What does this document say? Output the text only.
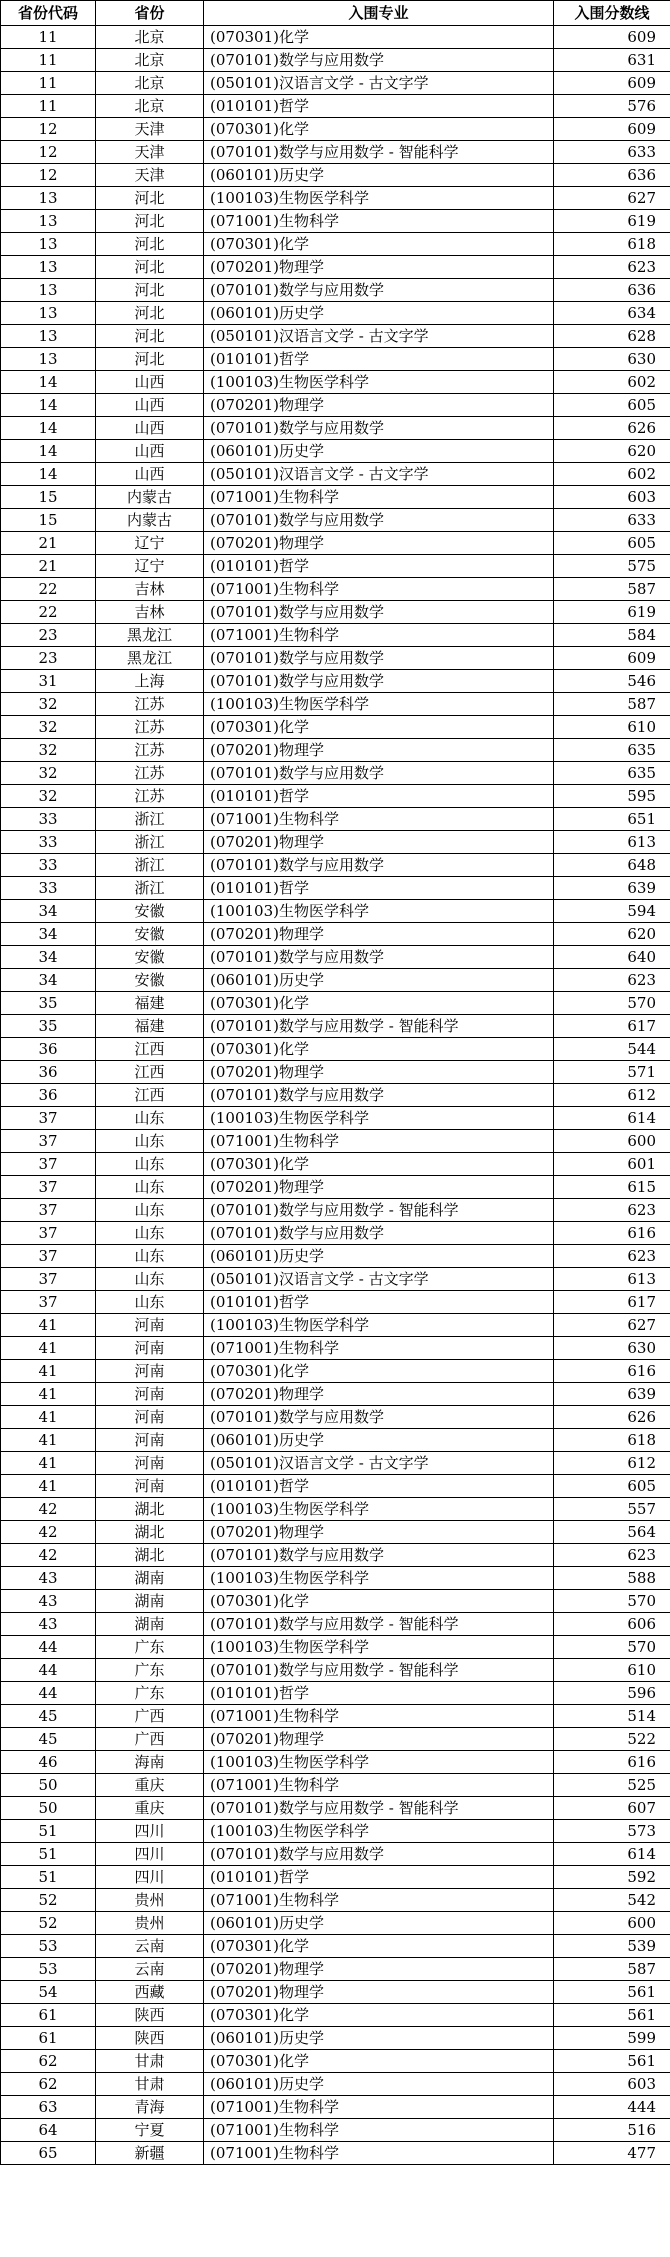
省份代码	省份	入围专业	入围分数线
11	北京	(070301)化学	609
11	北京	(070101)数学与应用数学	631
11	北京	(050101)汉语言文学 - 古文字学	609
11	北京	(010101)哲学	576
12	天津	(070301)化学	609
12	天津	(070101)数学与应用数学 - 智能科学	633
12	天津	(060101)历史学	636
13	河北	(100103)生物医学科学	627
13	河北	(071001)生物科学	619
13	河北	(070301)化学	618
13	河北	(070201)物理学	623
13	河北	(070101)数学与应用数学	636
13	河北	(060101)历史学	634
13	河北	(050101)汉语言文学 - 古文字学	628
13	河北	(010101)哲学	630
14	山西	(100103)生物医学科学	602
14	山西	(070201)物理学	605
14	山西	(070101)数学与应用数学	626
14	山西	(060101)历史学	620
14	山西	(050101)汉语言文学 - 古文字学	602
15	内蒙古	(071001)生物科学	603
15	内蒙古	(070101)数学与应用数学	633
21	辽宁	(070201)物理学	605
21	辽宁	(010101)哲学	575
22	吉林	(071001)生物科学	587
22	吉林	(070101)数学与应用数学	619
23	黑龙江	(071001)生物科学	584
23	黑龙江	(070101)数学与应用数学	609
31	上海	(070101)数学与应用数学	546
32	江苏	(100103)生物医学科学	587
32	江苏	(070301)化学	610
32	江苏	(070201)物理学	635
32	江苏	(070101)数学与应用数学	635
32	江苏	(010101)哲学	595
33	浙江	(071001)生物科学	651
33	浙江	(070201)物理学	613
33	浙江	(070101)数学与应用数学	648
33	浙江	(010101)哲学	639
34	安徽	(100103)生物医学科学	594
34	安徽	(070201)物理学	620
34	安徽	(070101)数学与应用数学	640
34	安徽	(060101)历史学	623
35	福建	(070301)化学	570
35	福建	(070101)数学与应用数学 - 智能科学	617
36	江西	(070301)化学	544
36	江西	(070201)物理学	571
36	江西	(070101)数学与应用数学	612
37	山东	(100103)生物医学科学	614
37	山东	(071001)生物科学	600
37	山东	(070301)化学	601
37	山东	(070201)物理学	615
37	山东	(070101)数学与应用数学 - 智能科学	623
37	山东	(070101)数学与应用数学	616
37	山东	(060101)历史学	623
37	山东	(050101)汉语言文学 - 古文字学	613
37	山东	(010101)哲学	617
41	河南	(100103)生物医学科学	627
41	河南	(071001)生物科学	630
41	河南	(070301)化学	616
41	河南	(070201)物理学	639
41	河南	(070101)数学与应用数学	626
41	河南	(060101)历史学	618
41	河南	(050101)汉语言文学 - 古文字学	612
41	河南	(010101)哲学	605
42	湖北	(100103)生物医学科学	557
42	湖北	(070201)物理学	564
42	湖北	(070101)数学与应用数学	623
43	湖南	(100103)生物医学科学	588
43	湖南	(070301)化学	570
43	湖南	(070101)数学与应用数学 - 智能科学	606
44	广东	(100103)生物医学科学	570
44	广东	(070101)数学与应用数学 - 智能科学	610
44	广东	(010101)哲学	596
45	广西	(071001)生物科学	514
45	广西	(070201)物理学	522
46	海南	(100103)生物医学科学	616
50	重庆	(071001)生物科学	525
50	重庆	(070101)数学与应用数学 - 智能科学	607
51	四川	(100103)生物医学科学	573
51	四川	(070101)数学与应用数学	614
51	四川	(010101)哲学	592
52	贵州	(071001)生物科学	542
52	贵州	(060101)历史学	600
53	云南	(070301)化学	539
53	云南	(070201)物理学	587
54	西藏	(070201)物理学	561
61	陕西	(070301)化学	561
61	陕西	(060101)历史学	599
62	甘肃	(070301)化学	561
62	甘肃	(060101)历史学	603
63	青海	(071001)生物科学	444
64	宁夏	(071001)生物科学	516
65	新疆	(071001)生物科学	477
